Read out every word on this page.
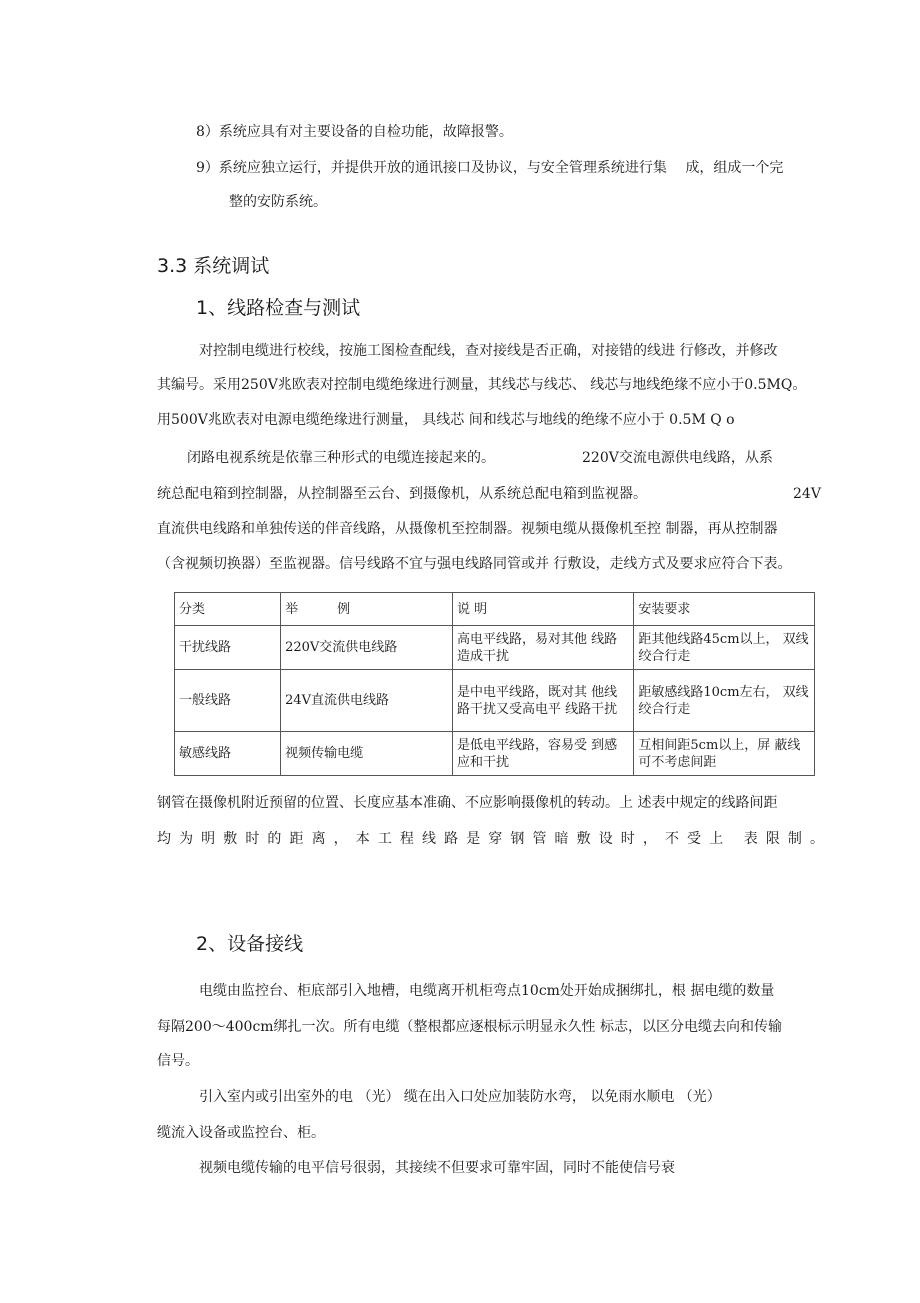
8）系统应具有对主要设备的自检功能，故障报警。
9）系统应独立运行，并提供开放的通讯接口及协议，与安全管理系统进行集　 成，组成一个完
整的安防系统。
3.3 系统调试
1、线路检查与测试
对控制电缆进行校线，按施工图检查配线，查对接线是否正确，对接错的线进 行修改，并修改
其编号。采用250V兆欧表对控制电缆绝缘进行测量，其线芯与线芯、 线芯与地线绝缘不应小于0.5MQ。
用500V兆欧表对电源电缆绝缘进行测量， 具线芯 间和线芯与地线的绝缘不应小于 0.5M Q o
闭路电视系统是依靠三种形式的电缆连接起来的。	220V交流电源供电线路，从系
统总配电箱到控制器，从控制器至云台、到摄像机，从系统总配电箱到监视器。	24V
直流供电线路和单独传送的伴音线路，从摄像机至控制器。视频电缆从摄像机至控 制器，再从控制器
（含视频切换器）至监视器。信号线路不宜与强电线路同管或并 行敷设，走线方式及要求应符合下表。
分类	举　　　例	说 明	安装要求
干扰线路	220V交流供电线路	高电平线路，易对其他 线路造成干扰	距其他线路45cm以上， 双线绞合行走
一般线路	24V直流供电线路	是中电平线路，既对其 他线路干扰又受高电平 线路干扰	距敏感线路10cm左右， 双线绞合行走
敏感线路	视频传输电缆	是低电平线路，容易受 到感应和干扰	互相间距5cm以上，屏 蔽线可不考虑间距
钢管在摄像机附近预留的位置、长度应基本准确、不应影响摄像机的转动。上 述表中规定的线路间距
均为明敷时的距离，本工程线路是穿钢管暗敷设时，不受上 表限制。
2、设备接线
电缆由监控台、柜底部引入地槽，电缆离开机柜弯点10cm处开始成捆绑扎，根 据电缆的数量
每隔200～400cm绑扎一次。所有电缆（整根都应逐根标示明显永久性 标志，以区分电缆去向和传输
信号。
引入室内或引出室外的电 （光） 缆在出入口处应加装防水弯， 以免雨水顺电 （光）
缆流入设备或监控台、柜。
视频电缆传输的电平信号很弱，其接续不但要求可靠牢固，同时不能使信号衰
